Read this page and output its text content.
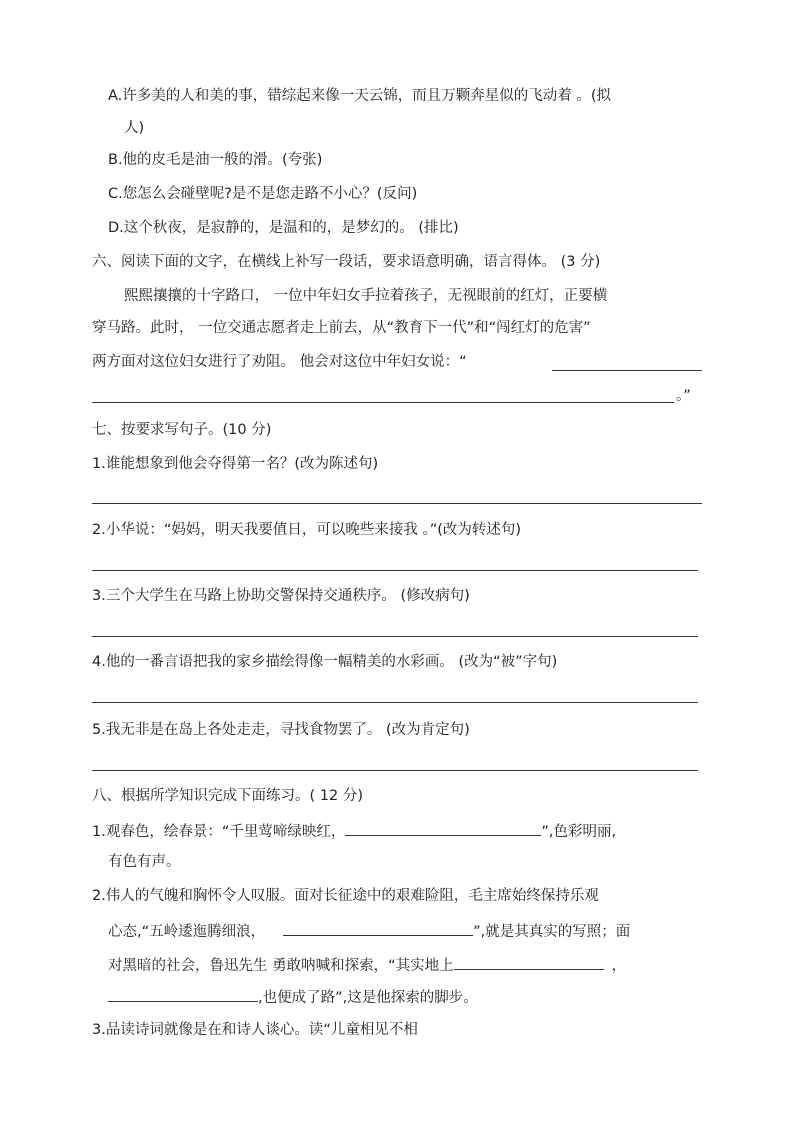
A.许多美的人和美的事，错综起来像一天云锦，而且万颗奔星似的飞动着 。(拟
人)
B.他的皮毛是油一般的滑。(夸张)
C.您怎么会碰壁呢?是不是您走路不小心？(反问)
D.这个秋夜，是寂静的，是温和的，是梦幻的。 (排比)
六、阅读下面的文字，在横线上补写一段话，要求语意明确，语言得体。 (3 分)
熙熙攘攘的十字路口， 一位中年妇女手拉着孩子，无视眼前的红灯，正要横
穿马路。此时， 一位交通志愿者走上前去，从“教育下一代”和“闯红灯的危害”
两方面对这位妇女进行了劝阻。 他会对这位中年妇女说：“
。”
七、按要求写句子。(10 分)
1.谁能想象到他会夺得第一名？(改为陈述句)
2.小华说：“妈妈，明天我要值日，可以晚些来接我 。”(改为转述句)
3.三个大学生在马路上协助交警保持交通秩序。 (修改病句)
4.他的一番言语把我的家乡描绘得像一幅精美的水彩画。 (改为“被”字句)
5.我无非是在岛上各处走走，寻找食物罢了。 (改为肯定句)
八、根据所学知识完成下面练习。( 12 分)
1.观春色，绘春景：“千里莺啼绿映红，	”,色彩明丽,
有色有声。
2.伟人的气魄和胸怀令人叹服。面对长征途中的艰难险阻，毛主席始终保持乐观
心态,“五岭逶迤腾细浪，	”,就是其真实的写照；面
对黑暗的社会，鲁迅先生 勇敢呐喊和探索，“其实地上	，
,也便成了路”,这是他探索的脚步。
3.品读诗词就像是在和诗人谈心。读“儿童相见不相
